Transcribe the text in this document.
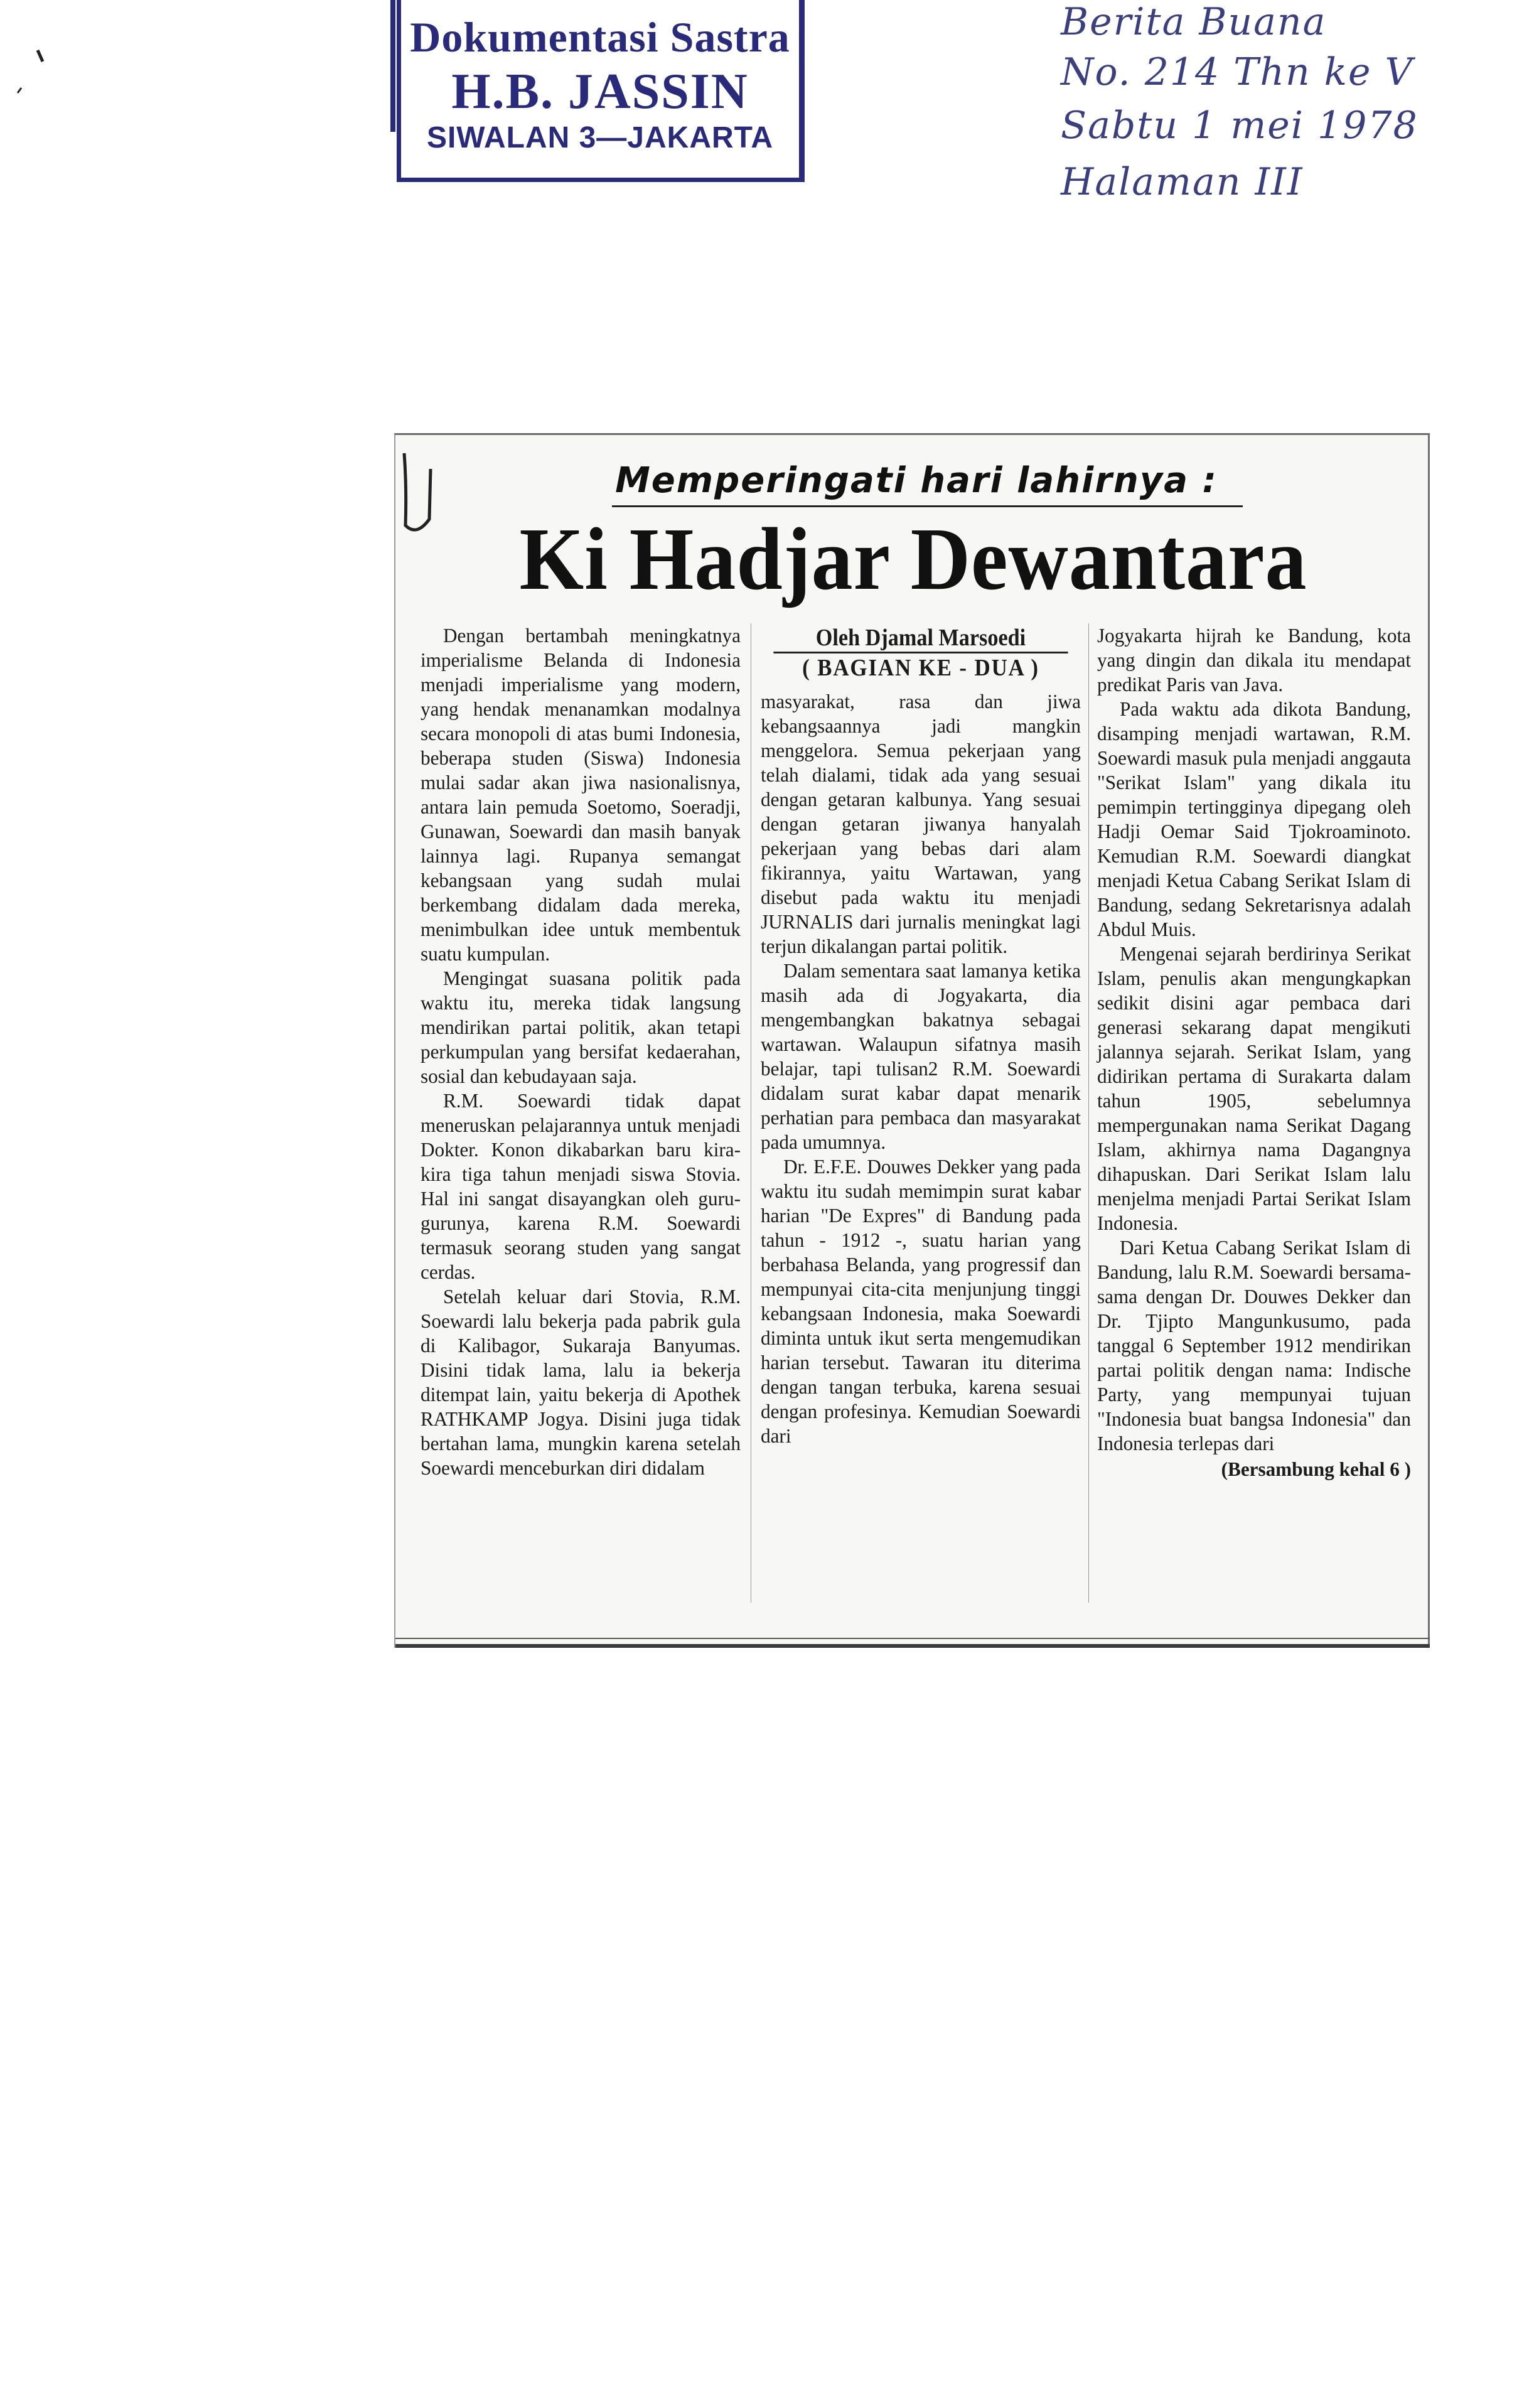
Dokumentasi Sastra
H.B. JASSIN
SIWALAN 3—JAKARTA
Berita Buana
No. 214 Thn ke V
Sabtu 1 mei 1978
Halaman III
Memperingati hari lahirnya :
Ki Hadjar Dewantara

Dengan bertambah meningkatnya imperialisme Belanda di Indonesia menjadi imperialisme yang modern, yang hendak menanamkan modalnya secara monopoli di atas bumi Indonesia, beberapa studen (Siswa) Indonesia mulai sadar akan jiwa nasionalisnya, antara lain pemuda Soetomo, Soeradji, Gunawan, Soewardi dan masih banyak lainnya lagi. Rupanya semangat kebangsaan yang sudah mulai berkembang didalam dada mereka, menimbulkan idee untuk membentuk suatu kumpulan.

Mengingat suasana politik pada waktu itu, mereka tidak langsung mendirikan partai politik, akan tetapi perkumpulan yang bersifat kedaerahan, sosial dan kebudayaan saja.

R.M. Soewardi tidak dapat meneruskan pelajarannya untuk menjadi Dokter. Konon dikabarkan baru kira-kira tiga tahun menjadi siswa Stovia. Hal ini sangat disayangkan oleh guru-gurunya, karena R.M. Soewardi termasuk seorang studen yang sangat cerdas.

Setelah keluar dari Stovia, R.M. Soewardi lalu bekerja pada pabrik gula di Kalibagor, Sukaraja Banyumas. Disini tidak lama, lalu ia bekerja ditempat lain, yaitu bekerja di Apothek RATHKAMP Jogya. Disini juga tidak bertahan lama, mungkin karena setelah Soewardi menceburkan diri didalam

Oleh Djamal Marsoedi

( BAGIAN KE - DUA )

masyarakat, rasa dan jiwa kebangsaannya jadi mangkin menggelora. Semua pekerjaan yang telah dialami, tidak ada yang sesuai dengan getaran kalbunya. Yang sesuai dengan getaran jiwanya hanyalah pekerjaan yang bebas dari alam fikirannya, yaitu Wartawan, yang disebut pada waktu itu menjadi JURNALIS dari jurnalis meningkat lagi terjun dikalangan partai politik.

Dalam sementara saat lamanya ketika masih ada di Jogyakarta, dia mengembangkan bakatnya sebagai wartawan. Walaupun sifatnya masih belajar, tapi tulisan2 R.M. Soewardi didalam surat kabar dapat menarik perhatian para pembaca dan masyarakat pada umumnya.

Dr. E.F.E. Douwes Dekker yang pada waktu itu sudah memimpin surat kabar harian "De Expres" di Bandung pada tahun - 1912 -, suatu harian yang berbahasa Belanda, yang progressif dan mempunyai cita-cita menjunjung tinggi kebangsaan Indonesia, maka Soewardi diminta untuk ikut serta mengemudikan harian tersebut. Tawaran itu diterima dengan tangan terbuka, karena sesuai dengan profesinya. Kemudian Soewardi dari

Jogyakarta hijrah ke Bandung, kota yang dingin dan dikala itu mendapat predikat Paris van Java.

Pada waktu ada dikota Bandung, disamping menjadi wartawan, R.M. Soewardi masuk pula menjadi anggauta "Serikat Islam" yang dikala itu pemimpin tertingginya dipegang oleh Hadji Oemar Said Tjokroaminoto. Kemudian R.M. Soewardi diangkat menjadi Ketua Cabang Serikat Islam di Bandung, sedang Sekretarisnya adalah Abdul Muis.

Mengenai sejarah berdirinya Serikat Islam, penulis akan mengungkapkan sedikit disini agar pembaca dari generasi sekarang dapat mengikuti jalannya sejarah. Serikat Islam, yang didirikan pertama di Surakarta dalam tahun 1905, sebelumnya mempergunakan nama Serikat Dagang Islam, akhirnya nama Dagangnya dihapuskan. Dari Serikat Islam lalu menjelma menjadi Partai Serikat Islam Indonesia.

Dari Ketua Cabang Serikat Islam di Bandung, lalu R.M. Soewardi bersama-sama dengan Dr. Douwes Dekker dan Dr. Tjipto Mangunkusumo, pada tanggal 6 September 1912 mendirikan partai politik dengan nama: Indische Party, yang mempunyai tujuan "Indonesia buat bangsa Indonesia" dan Indonesia terlepas dari

(Bersambung kehal 6 )
